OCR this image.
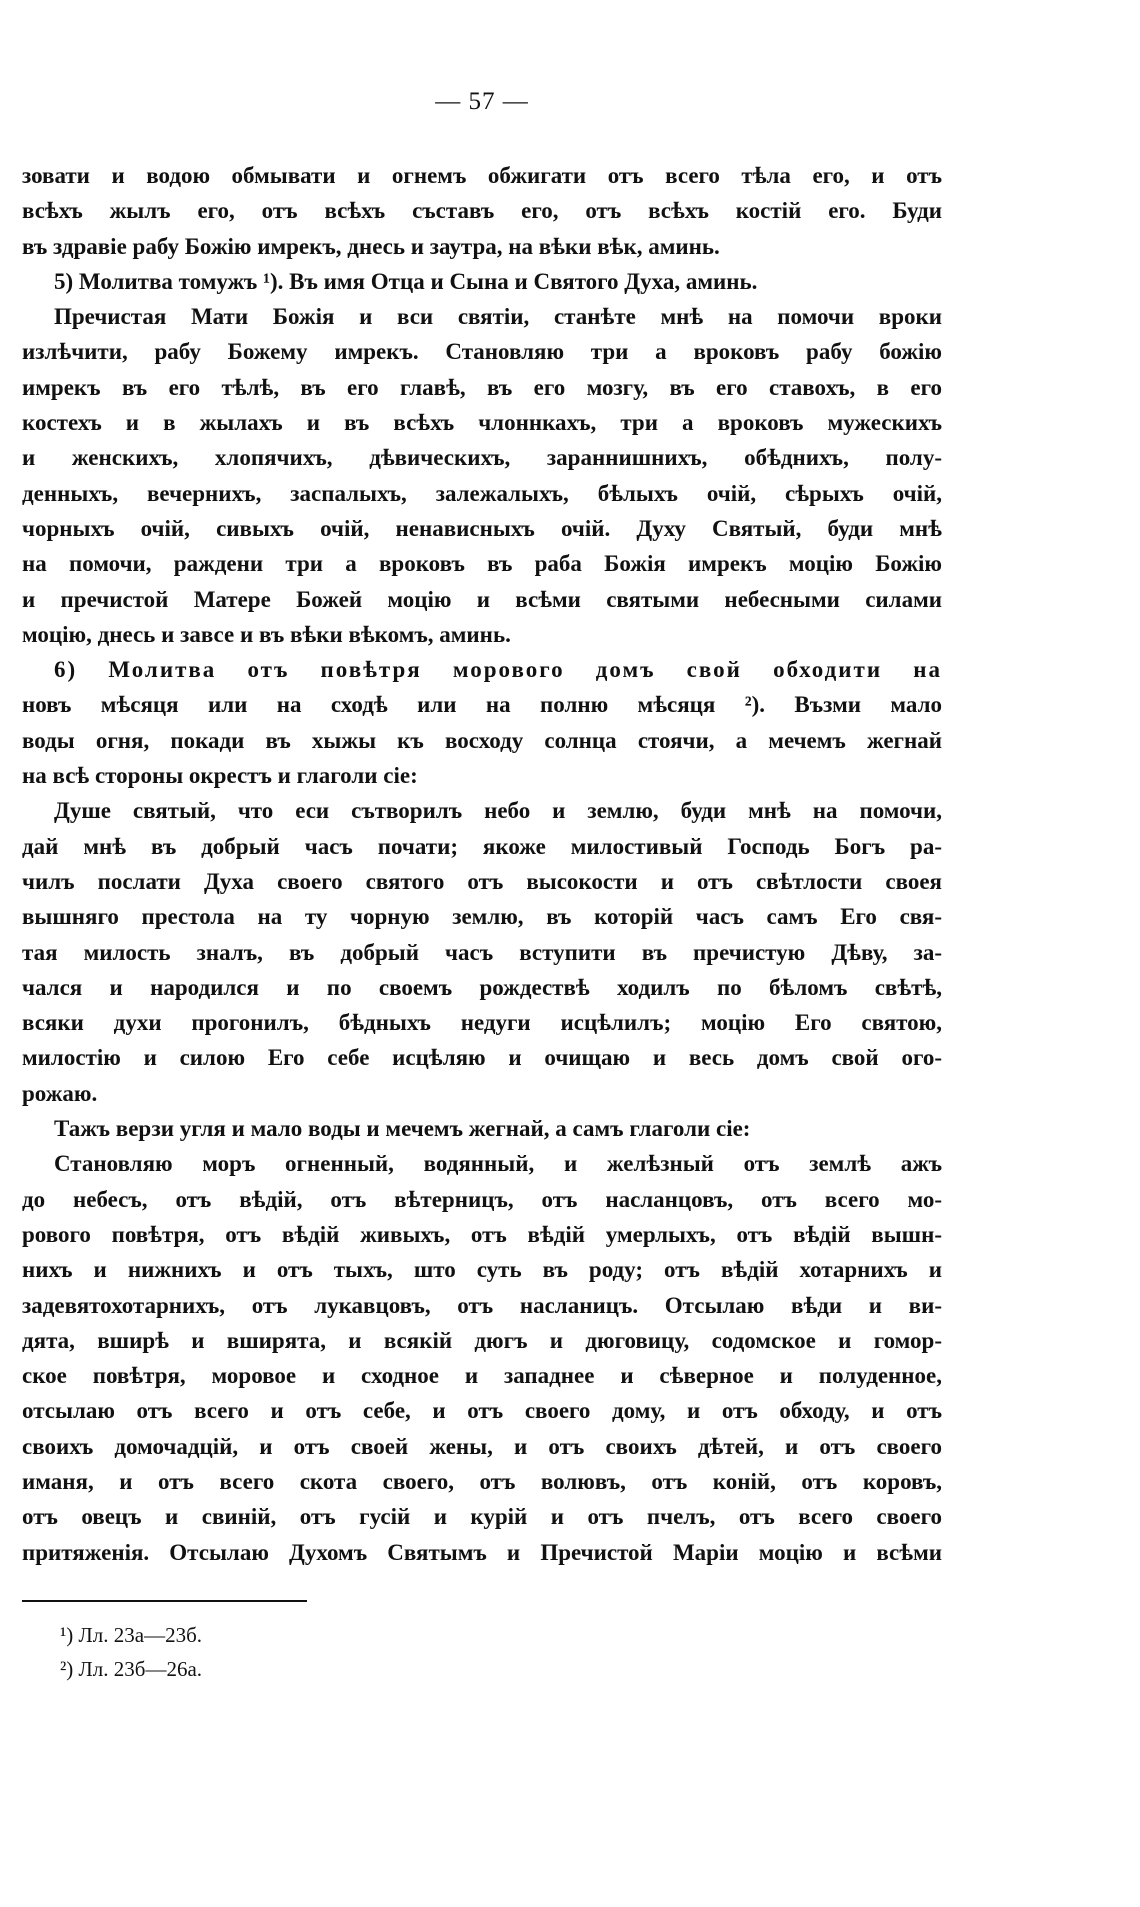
— 57 —
зовати и водою обмывати и огнемъ обжигати отъ всего тѣла его, и отъ
всѣхъ жылъ его, отъ всѣхъ съставъ его, отъ всѣхъ костій его. Буди
въ здравіе рабу Божію имрекъ, днесь и заутра, на вѣки вѣк, аминь.
5) Молитва томужъ ¹). Въ имя Отца и Сына и Святого Духа, аминь.
Пречистая Мати Божія и вси святіи, станѣте мнѣ на помочи вроки
излѣчити, рабу Божему имрекъ. Становляю три а вроковъ рабу божію
имрекъ въ его тѣлѣ, въ его главѣ, въ его мозгу, въ его ставохъ, в его
костехъ и в жылахъ и въ всѣхъ члоннкахъ, три а вроковъ мужескихъ
и женскихъ, хлопячихъ, дѣвическихъ, зараннишнихъ, обѣднихъ, полу-
денныхъ, вечернихъ, заспалыхъ, залежалыхъ, бѣлыхъ очій, сѣрыхъ очій,
чорныхъ очій, сивыхъ очій, ненависныхъ очій. Духу Святый, буди мнѣ
на помочи, раждени три а вроковъ въ раба Божія имрекъ моцію Божію
и пречистой Матере Божей моцію и всѣми святыми небесными силами
моцію, днесь и завсе и въ вѣки вѣкомъ, аминь.
6) Молитва отъ повѣтря морового домъ свой обходити на
новъ мѣсяця или на сходѣ или на полню мѣсяця ²). Възми мало
воды огня, покади въ хыжы къ восходу солнца стоячи, а мечемъ жегнай
на всѣ стороны окрестъ и глаголи сіе:
Душе святый, что еси сътворилъ небо и землю, буди мнѣ на помочи,
дай мнѣ въ добрый часъ почати; якоже милостивый Господь Богъ ра-
чилъ послати Духа своего святого отъ высокости и отъ свѣтлости своея
вышняго престола на ту чорную землю, въ которій часъ самъ Его свя-
тая милость зналъ, въ добрый часъ вступити въ пречистую Дѣву, за-
чался и народился и по своемъ рождествѣ ходилъ по бѣломъ свѣтѣ,
всяки духи прогонилъ, бѣдныхъ недуги исцѣлилъ; моцію Его святою,
милостію и силою Его себе исцѣляю и очищаю и весь домъ свой ого-
рожаю.
Тажъ верзи угля и мало воды и мечемъ жегнай, а самъ глаголи сіе:
Становляю моръ огненный, водянный, и желѣзный отъ землѣ ажъ
до небесъ, отъ вѣдій, отъ вѣтерницъ, отъ насланцовъ, отъ всего мо-
рового повѣтря, отъ вѣдій живыхъ, отъ вѣдій умерлыхъ, отъ вѣдій вышн-
нихъ и нижнихъ и отъ тыхъ, што суть въ роду; отъ вѣдій хотарнихъ и
задевятохотарнихъ, отъ лукавцовъ, отъ насланицъ. Отсылаю вѣди и ви-
дята, вширѣ и вширята, и всякій дюгъ и дюговицу, содомское и гомор-
ское повѣтря, моровое и сходное и западнее и сѣверное и полуденное,
отсылаю отъ всего и отъ себе, и отъ своего дому, и отъ обходу, и отъ
своихъ домочадцій, и отъ своей жены, и отъ своихъ дѣтей, и отъ своего
иманя, и отъ всего скота своего, отъ волювъ, отъ коній, отъ коровъ,
отъ овецъ и свиній, отъ гусій и курій и отъ пчелъ, отъ всего своего
притяженія. Отсылаю Духомъ Святымъ и Пречистой Маріи моцію и всѣми
¹) Лл. 23а—23б.
²) Лл. 23б—26а.
